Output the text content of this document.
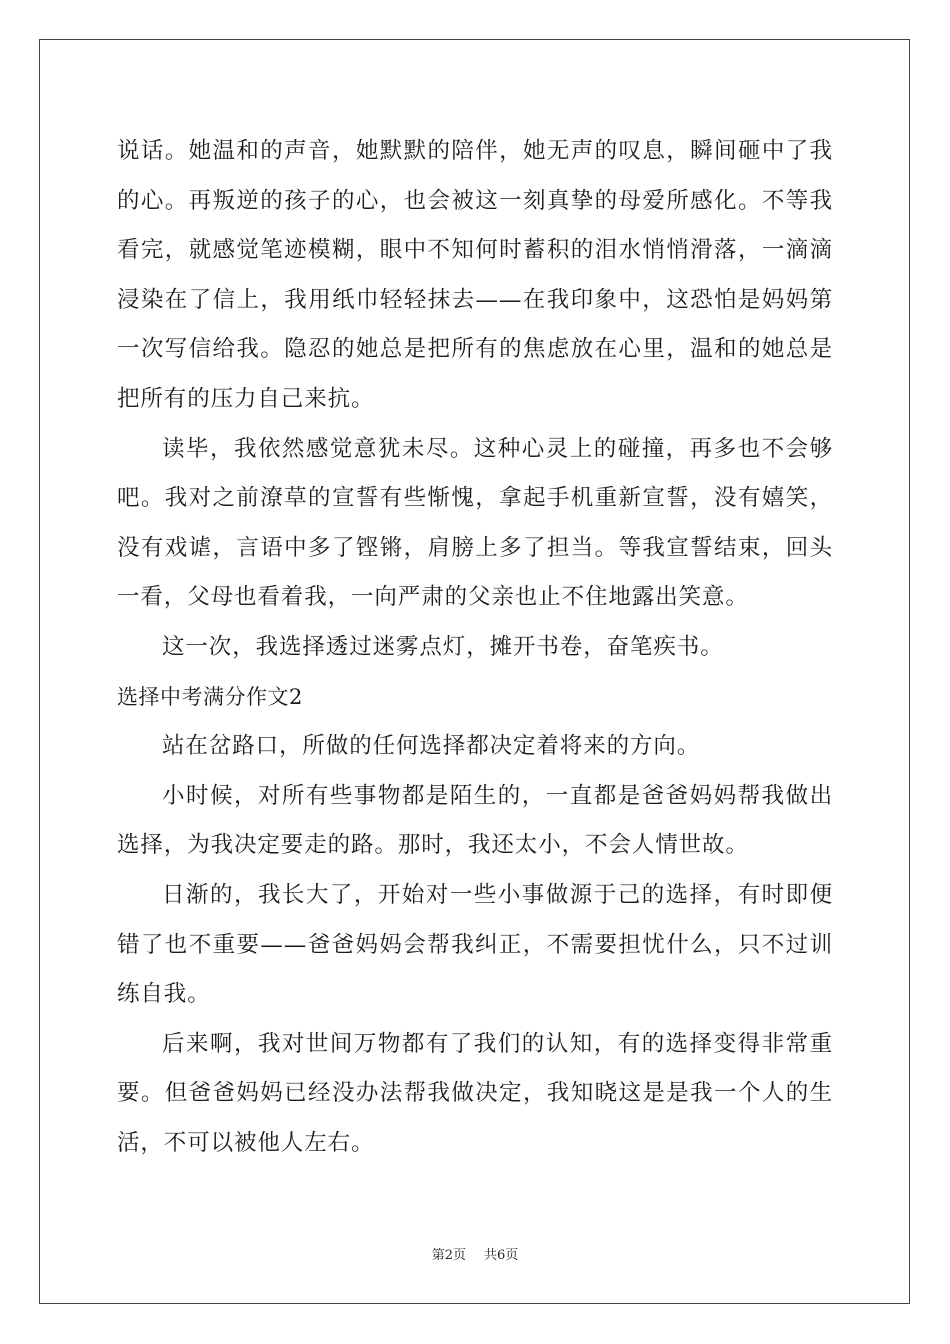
说话。她温和的声音，她默默的陪伴，她无声的叹息，瞬间砸中了我的心。再叛逆的孩子的心，也会被这一刻真挚的母爱所感化。不等我看完，就感觉笔迹模糊，眼中不知何时蓄积的泪水悄悄滑落，一滴滴浸染在了信上，我用纸巾轻轻抹去——在我印象中，这恐怕是妈妈第一次写信给我。隐忍的她总是把所有的焦虑放在心里，温和的她总是把所有的压力自己来抗。

读毕，我依然感觉意犹未尽。这种心灵上的碰撞，再多也不会够吧。我对之前潦草的宣誓有些惭愧，拿起手机重新宣誓，没有嬉笑，没有戏谑，言语中多了铿锵，肩膀上多了担当。等我宣誓结束，回头一看，父母也看着我，一向严肃的父亲也止不住地露出笑意。

这一次，我选择透过迷雾点灯，摊开书卷，奋笔疾书。

选择中考满分作文2

站在岔路口，所做的任何选择都决定着将来的方向。

小时候，对所有些事物都是陌生的，一直都是爸爸妈妈帮我做出选择，为我决定要走的路。那时，我还太小，不会人情世故。

日渐的，我长大了，开始对一些小事做源于己的选择，有时即便错了也不重要——爸爸妈妈会帮我纠正，不需要担忧什么，只不过训练自我。

后来啊，我对世间万物都有了我们的认知，有的选择变得非常重要。但爸爸妈妈已经没办法帮我做决定，我知晓这是是我一个人的生活，不可以被他人左右。

第2页 共6页
